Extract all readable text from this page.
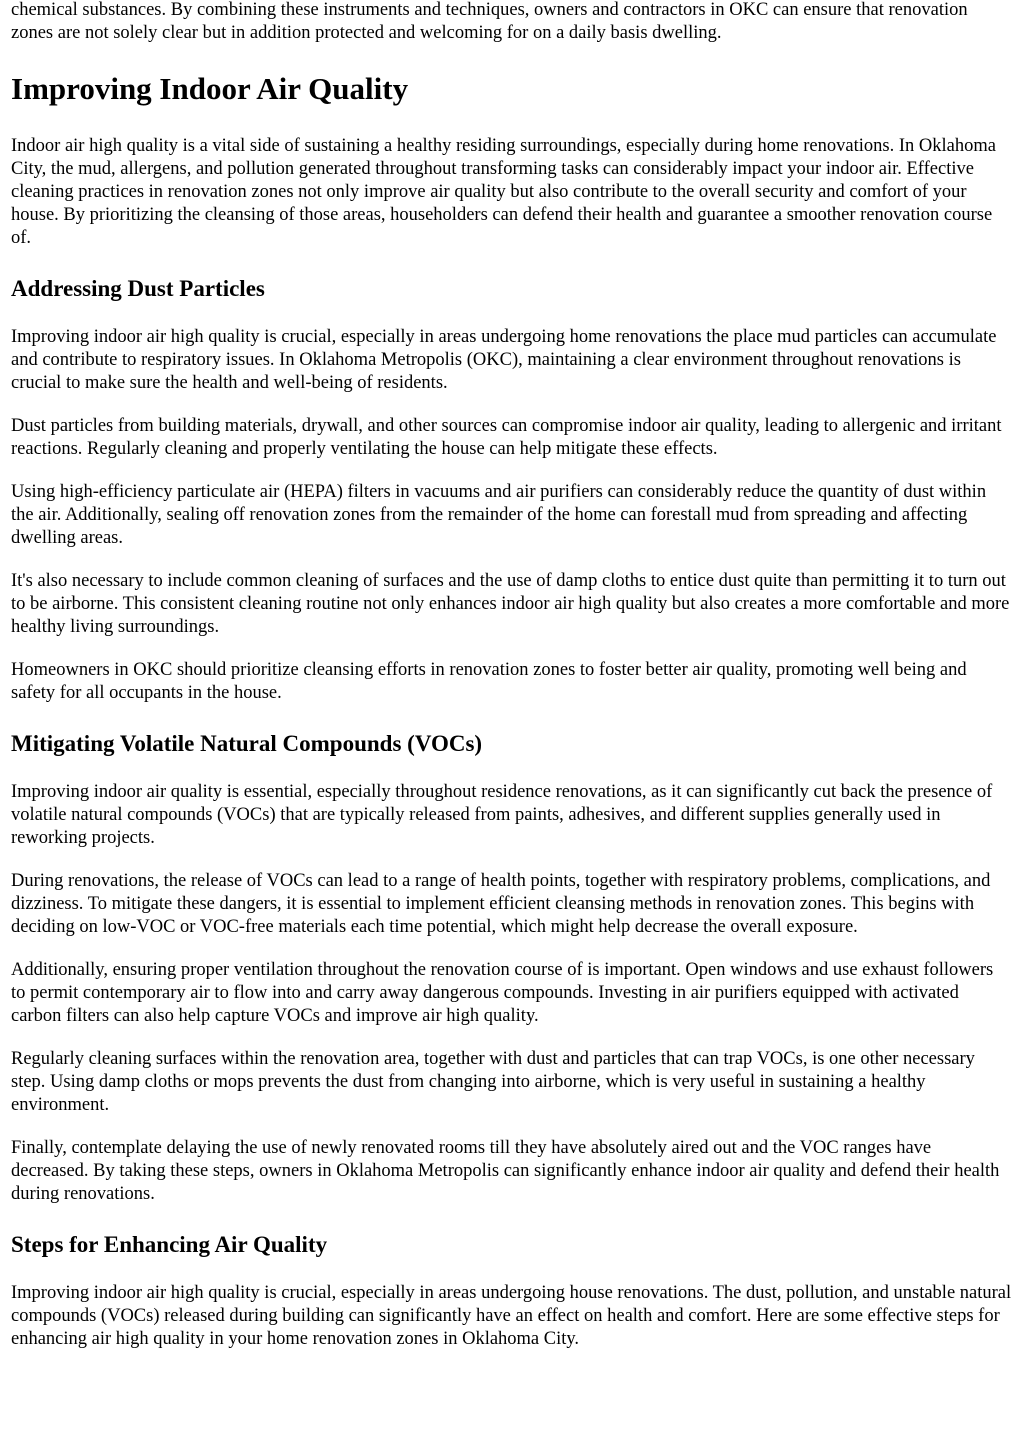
chemical substances. By combining these instruments and techniques, owners and contractors in OKC can ensure that renovation zones are not solely clear but in addition protected and welcoming for on a daily basis dwelling.

Improving Indoor Air Quality

Indoor air high quality is a vital side of sustaining a healthy residing surroundings, especially during home renovations. In Oklahoma City, the mud, allergens, and pollution generated throughout transforming tasks can considerably impact your indoor air. Effective cleaning practices in renovation zones not only improve air quality but also contribute to the overall security and comfort of your house. By prioritizing the cleansing of those areas, householders can defend their health and guarantee a smoother renovation course of.

Addressing Dust Particles

Improving indoor air high quality is crucial, especially in areas undergoing home renovations the place mud particles can accumulate and contribute to respiratory issues. In Oklahoma Metropolis (OKC), maintaining a clear environment throughout renovations is crucial to make sure the health and well-being of residents.

Dust particles from building materials, drywall, and other sources can compromise indoor air quality, leading to allergenic and irritant reactions. Regularly cleaning and properly ventilating the house can help mitigate these effects.

Using high-efficiency particulate air (HEPA) filters in vacuums and air purifiers can considerably reduce the quantity of dust within the air. Additionally, sealing off renovation zones from the remainder of the home can forestall mud from spreading and affecting dwelling areas.

It's also necessary to include common cleaning of surfaces and the use of damp cloths to entice dust quite than permitting it to turn out to be airborne. This consistent cleaning routine not only enhances indoor air high quality but also creates a more comfortable and more healthy living surroundings.

Homeowners in OKC should prioritize cleansing efforts in renovation zones to foster better air quality, promoting well being and safety for all occupants in the house.

Mitigating Volatile Natural Compounds (VOCs)

Improving indoor air quality is essential, especially throughout residence renovations, as it can significantly cut back the presence of volatile natural compounds (VOCs) that are typically released from paints, adhesives, and different supplies generally used in reworking projects.

During renovations, the release of VOCs can lead to a range of health points, together with respiratory problems, complications, and dizziness. To mitigate these dangers, it is essential to implement efficient cleansing methods in renovation zones. This begins with deciding on low-VOC or VOC-free materials each time potential, which might help decrease the overall exposure.

Additionally, ensuring proper ventilation throughout the renovation course of is important. Open windows and use exhaust followers to permit contemporary air to flow into and carry away dangerous compounds. Investing in air purifiers equipped with activated carbon filters can also help capture VOCs and improve air high quality.

Regularly cleaning surfaces within the renovation area, together with dust and particles that can trap VOCs, is one other necessary step. Using damp cloths or mops prevents the dust from changing into airborne, which is very useful in sustaining a healthy environment.

Finally, contemplate delaying the use of newly renovated rooms till they have absolutely aired out and the VOC ranges have decreased. By taking these steps, owners in Oklahoma Metropolis can significantly enhance indoor air quality and defend their health during renovations.

Steps for Enhancing Air Quality

Improving indoor air high quality is crucial, especially in areas undergoing house renovations. The dust, pollution, and unstable natural compounds (VOCs) released during building can significantly have an effect on health and comfort. Here are some effective steps for enhancing air high quality in your home renovation zones in Oklahoma City.
